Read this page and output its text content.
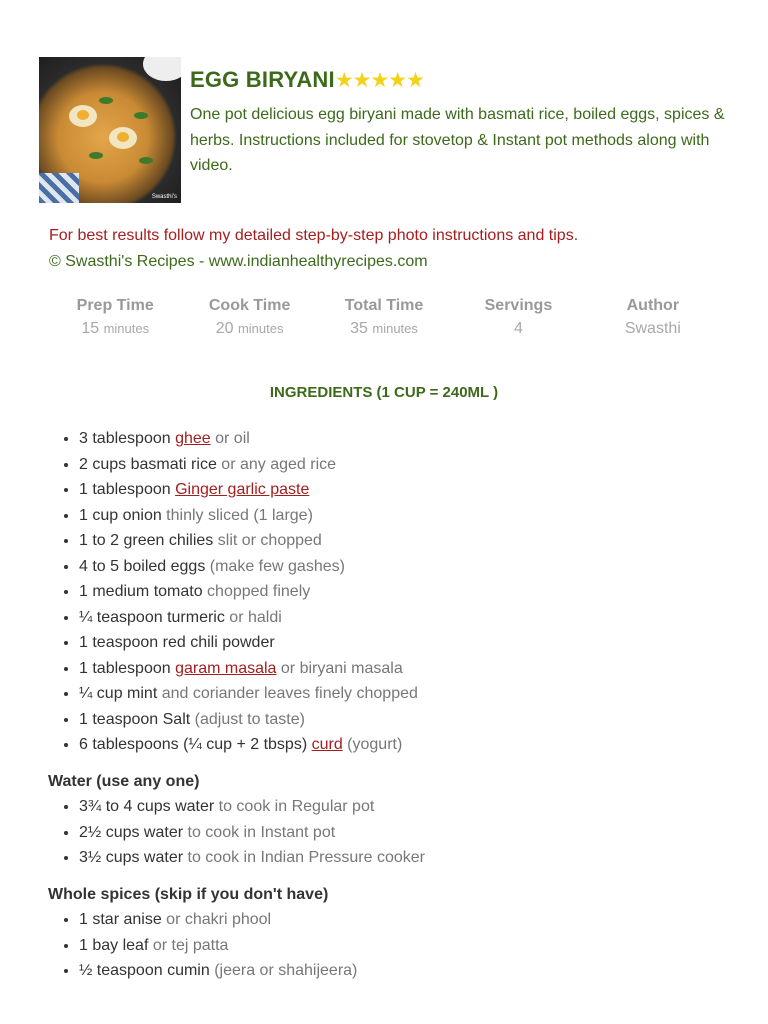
Swasthi's
EGG BIRYANI★★★★★
One pot delicious egg biryani made with basmati rice, boiled eggs, spices & herbs. Instructions included for stovetop & Instant pot methods along with video.
For best results follow my detailed step-by-step photo instructions and tips.
© Swasthi's Recipes - www.indianhealthyrecipes.com
Prep Time
15 minutes
Cook Time
20 minutes
Total Time
35 minutes
Servings
4
Author
Swasthi
INGREDIENTS (1 CUP = 240ML )
• 3 tablespoon ghee or oil
• 2 cups basmati rice or any aged rice
• 1 tablespoon Ginger garlic paste
• 1 cup onion thinly sliced (1 large)
• 1 to 2 green chilies slit or chopped
• 4 to 5 boiled eggs (make few gashes)
• 1 medium tomato chopped finely
• ¼ teaspoon turmeric or haldi
• 1 teaspoon red chili powder
• 1 tablespoon garam masala or biryani masala
• ¼ cup mint and coriander leaves finely chopped
• 1 teaspoon Salt (adjust to taste)
• 6 tablespoons (¼ cup + 2 tbsps) curd (yogurt)
Water (use any one)
• 3¾ to 4 cups water to cook in Regular pot
• 2½ cups water to cook in Instant pot
• 3½ cups water to cook in Indian Pressure cooker
Whole spices (skip if you don't have)
• 1 star anise or chakri phool
• 1 bay leaf or tej patta
• ½ teaspoon cumin (jeera or shahijeera)
